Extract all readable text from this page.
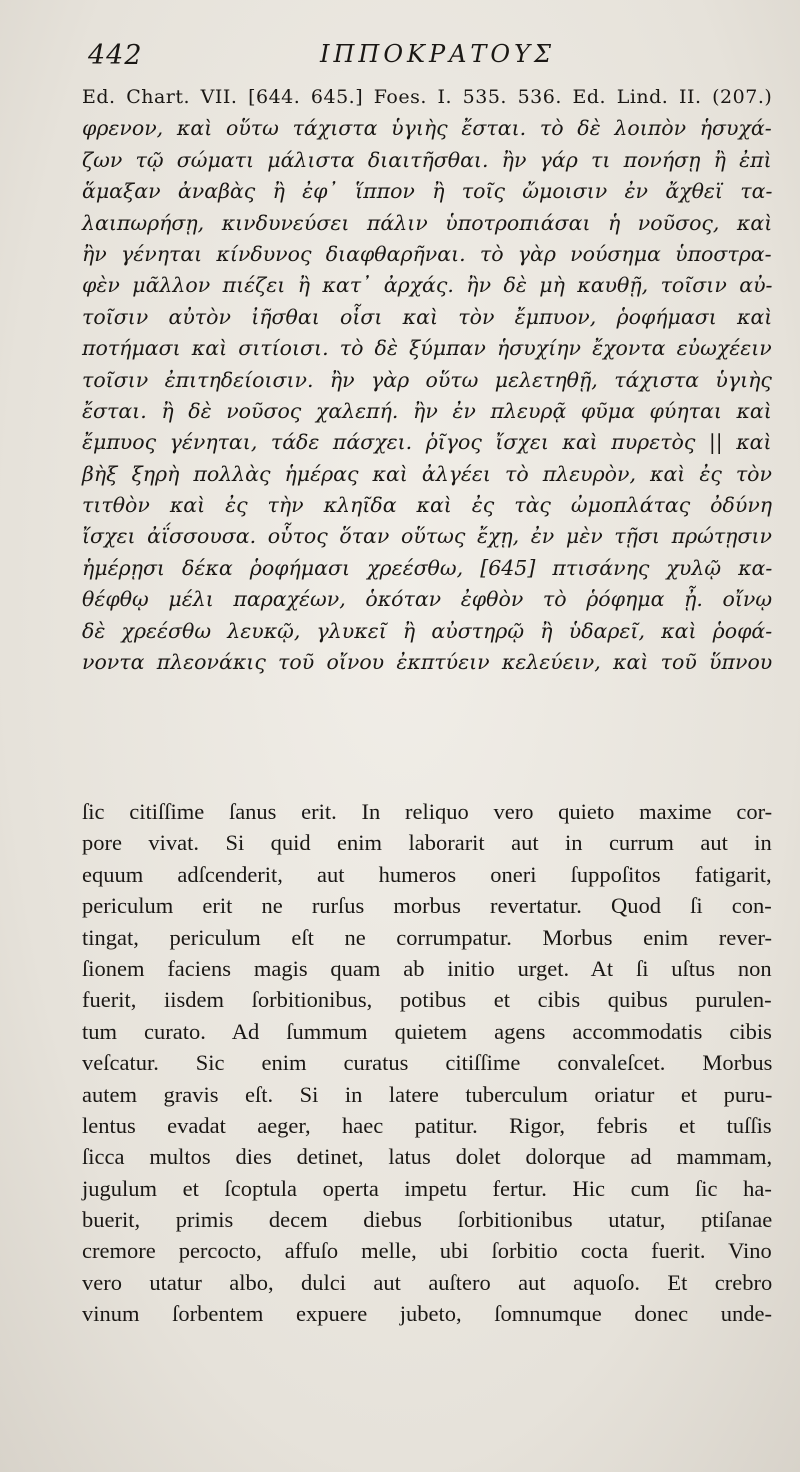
442	ΙΠΠΟΚΡΑΤΟΥΣ
Ed. Chart. VII. [644. 645.] Foes. I. 535. 536. Ed. Lind. II. (207.)
φρενον, καὶ οὕτω τάχιστα ὑγιὴς ἔσται. τὸ δὲ λοιπὸν ἡσυχά-
ζων τῷ σώματι μάλιστα διαιτῆσθαι. ἢν γάρ τι πονήσῃ ἢ ἐπὶ
ἅμαξαν ἀναβὰς ἢ ἐφ᾽ ἵππον ἢ τοῖς ὤμοισιν ἐν ἄχθεϊ τα-
λαιπωρήσῃ, κινδυνεύσει πάλιν ὑποτροπιάσαι ἡ νοῦσος, καὶ
ἢν γένηται κίνδυνος διαφθαρῆναι. τὸ γὰρ νούσημα ὑποστρα-
φὲν μᾶλλον πιέζει ἢ κατ᾽ ἀρχάς. ἢν δὲ μὴ καυθῇ, τοῖσιν αὐ-
τοῖσιν αὐτὸν ἰῆσθαι οἷσι καὶ τὸν ἔμπυον, ῥοφήμασι καὶ
ποτήμασι καὶ σιτίοισι. τὸ δὲ ξύμπαν ἡσυχίην ἔχοντα εὐωχέειν
τοῖσιν ἐπιτηδείοισιν. ἢν γὰρ οὕτω μελετηθῇ, τάχιστα ὑγιὴς
ἔσται. ἢ δὲ νοῦσος χαλεπή. ἢν ἐν πλευρᾷ φῦμα φύηται καὶ
ἔμπυος γένηται, τάδε πάσχει. ῥῖγος ἴσχει καὶ πυρετὸς || καὶ
βὴξ ξηρὴ πολλὰς ἡμέρας καὶ ἀλγέει τὸ πλευρὸν, καὶ ἐς τὸν
τιτθὸν καὶ ἐς τὴν κληῖδα καὶ ἐς τὰς ὠμοπλάτας ὀδύνη
ἴσχει ἀΐσσουσα. οὗτος ὅταν οὕτως ἔχῃ, ἐν μὲν τῇσι πρώτῃσιν
ἡμέρῃσι δέκα ῥοφήμασι χρεέσθω, [645] πτισάνης χυλῷ κα-
θέφθῳ μέλι παραχέων, ὁκόταν ἐφθὸν τὸ ῥόφημα ᾖ. οἴνῳ
δὲ χρεέσθω λευκῷ, γλυκεῖ ἢ αὐστηρῷ ἢ ὑδαρεῖ, καὶ ῥοφά-
νοντα πλεονάκις τοῦ οἴνου ἐκπτύειν κελεύειν, καὶ τοῦ ὕπνου
ſic citiſſime ſanus erit. In reliquo vero quieto maxime cor-
pore vivat. Si quid enim laborarit aut in currum aut in
equum adſcenderit, aut humeros oneri ſuppoſitos fatigarit,
periculum erit ne rurſus morbus revertatur. Quod ſi con-
tingat, periculum eſt ne corrumpatur. Morbus enim rever-
ſionem faciens magis quam ab initio urget. At ſi uſtus non
fuerit, iisdem ſorbitionibus, potibus et cibis quibus purulen-
tum curato. Ad ſummum quietem agens accommodatis cibis
veſcatur. Sic enim curatus citiſſime convaleſcet. Morbus
autem gravis eſt. Si in latere tuberculum oriatur et puru-
lentus evadat aeger, haec patitur. Rigor, febris et tuſſis
ſicca multos dies detinet, latus dolet dolorque ad mammam,
jugulum et ſcoptula operta impetu fertur. Hic cum ſic ha-
buerit, primis decem diebus ſorbitionibus utatur, ptiſanae
cremore percocto, affuſo melle, ubi ſorbitio cocta fuerit. Vino
vero utatur albo, dulci aut auſtero aut aquoſo. Et crebro
vinum ſorbentem expuere jubeto, ſomnumque donec unde-
